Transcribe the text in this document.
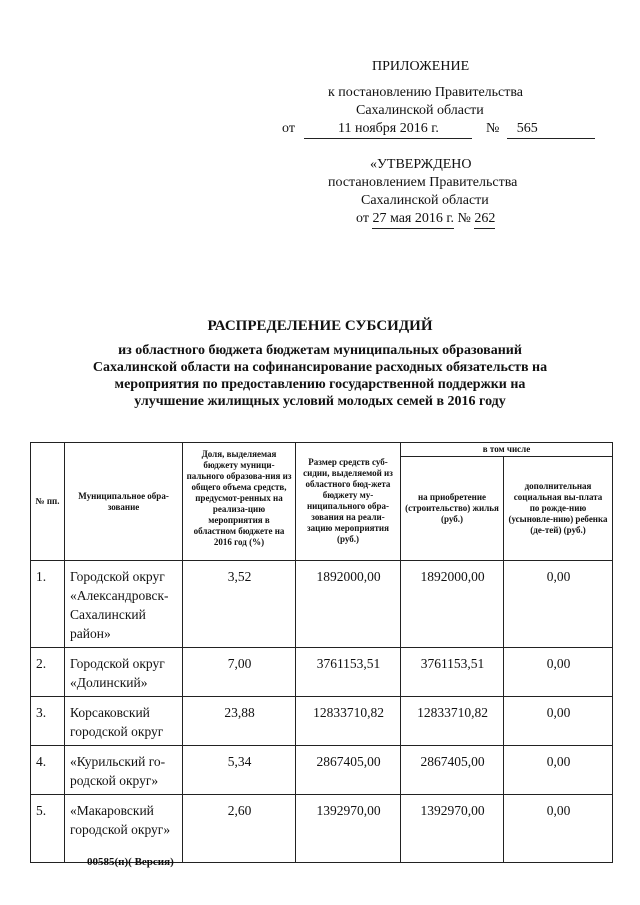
ПРИЛОЖЕНИЕ
к постановлению Правительства
Сахалинской области
от	11 ноября 2016 г.	№ 565
«УТВЕРЖДЕНО
постановлением Правительства
Сахалинской области
от 27 мая 2016 г. № 262
РАСПРЕДЕЛЕНИЕ СУБСИДИЙ
из областного бюджета бюджетам муниципальных образований
Сахалинской области на софинансирование расходных обязательств на
мероприятия по предоставлению государственной поддержки на
улучшение жилищных условий молодых семей в 2016 году
№ пп.	Муниципальное обра-зование	Доля, выделяемая бюджету муници-пального образова-ния из общего объема средств, предусмот-ренных на реализа-цию мероприятия в областном бюджете на 2016 год (%)	Размер средств суб-сидии, выделяемой из областного бюд-жета бюджету му-ниципального обра-зования на реали-зацию мероприятия (руб.)	в том числе	

				на приобретение (строительство) жилья (руб.)	дополнительная социальная вы-плата по рожде-нию (усыновле-нию) ребенка (де-тей) (руб.)

1.	Городской округ «Александровск-Сахалинский район»	3,52	1892000,00	1892000,00	0,00
2.	Городской округ «Долинский»	7,00	3761153,51	3761153,51	0,00
3.	Корсаковский городской округ	23,88	12833710,82	12833710,82	0,00
4.	«Курильский го-родской округ»	5,34	2867405,00	2867405,00	0,00
5.	«Макаровский городской округ»	2,60	1392970,00	1392970,00	0,00
00585(п)( Версия)
